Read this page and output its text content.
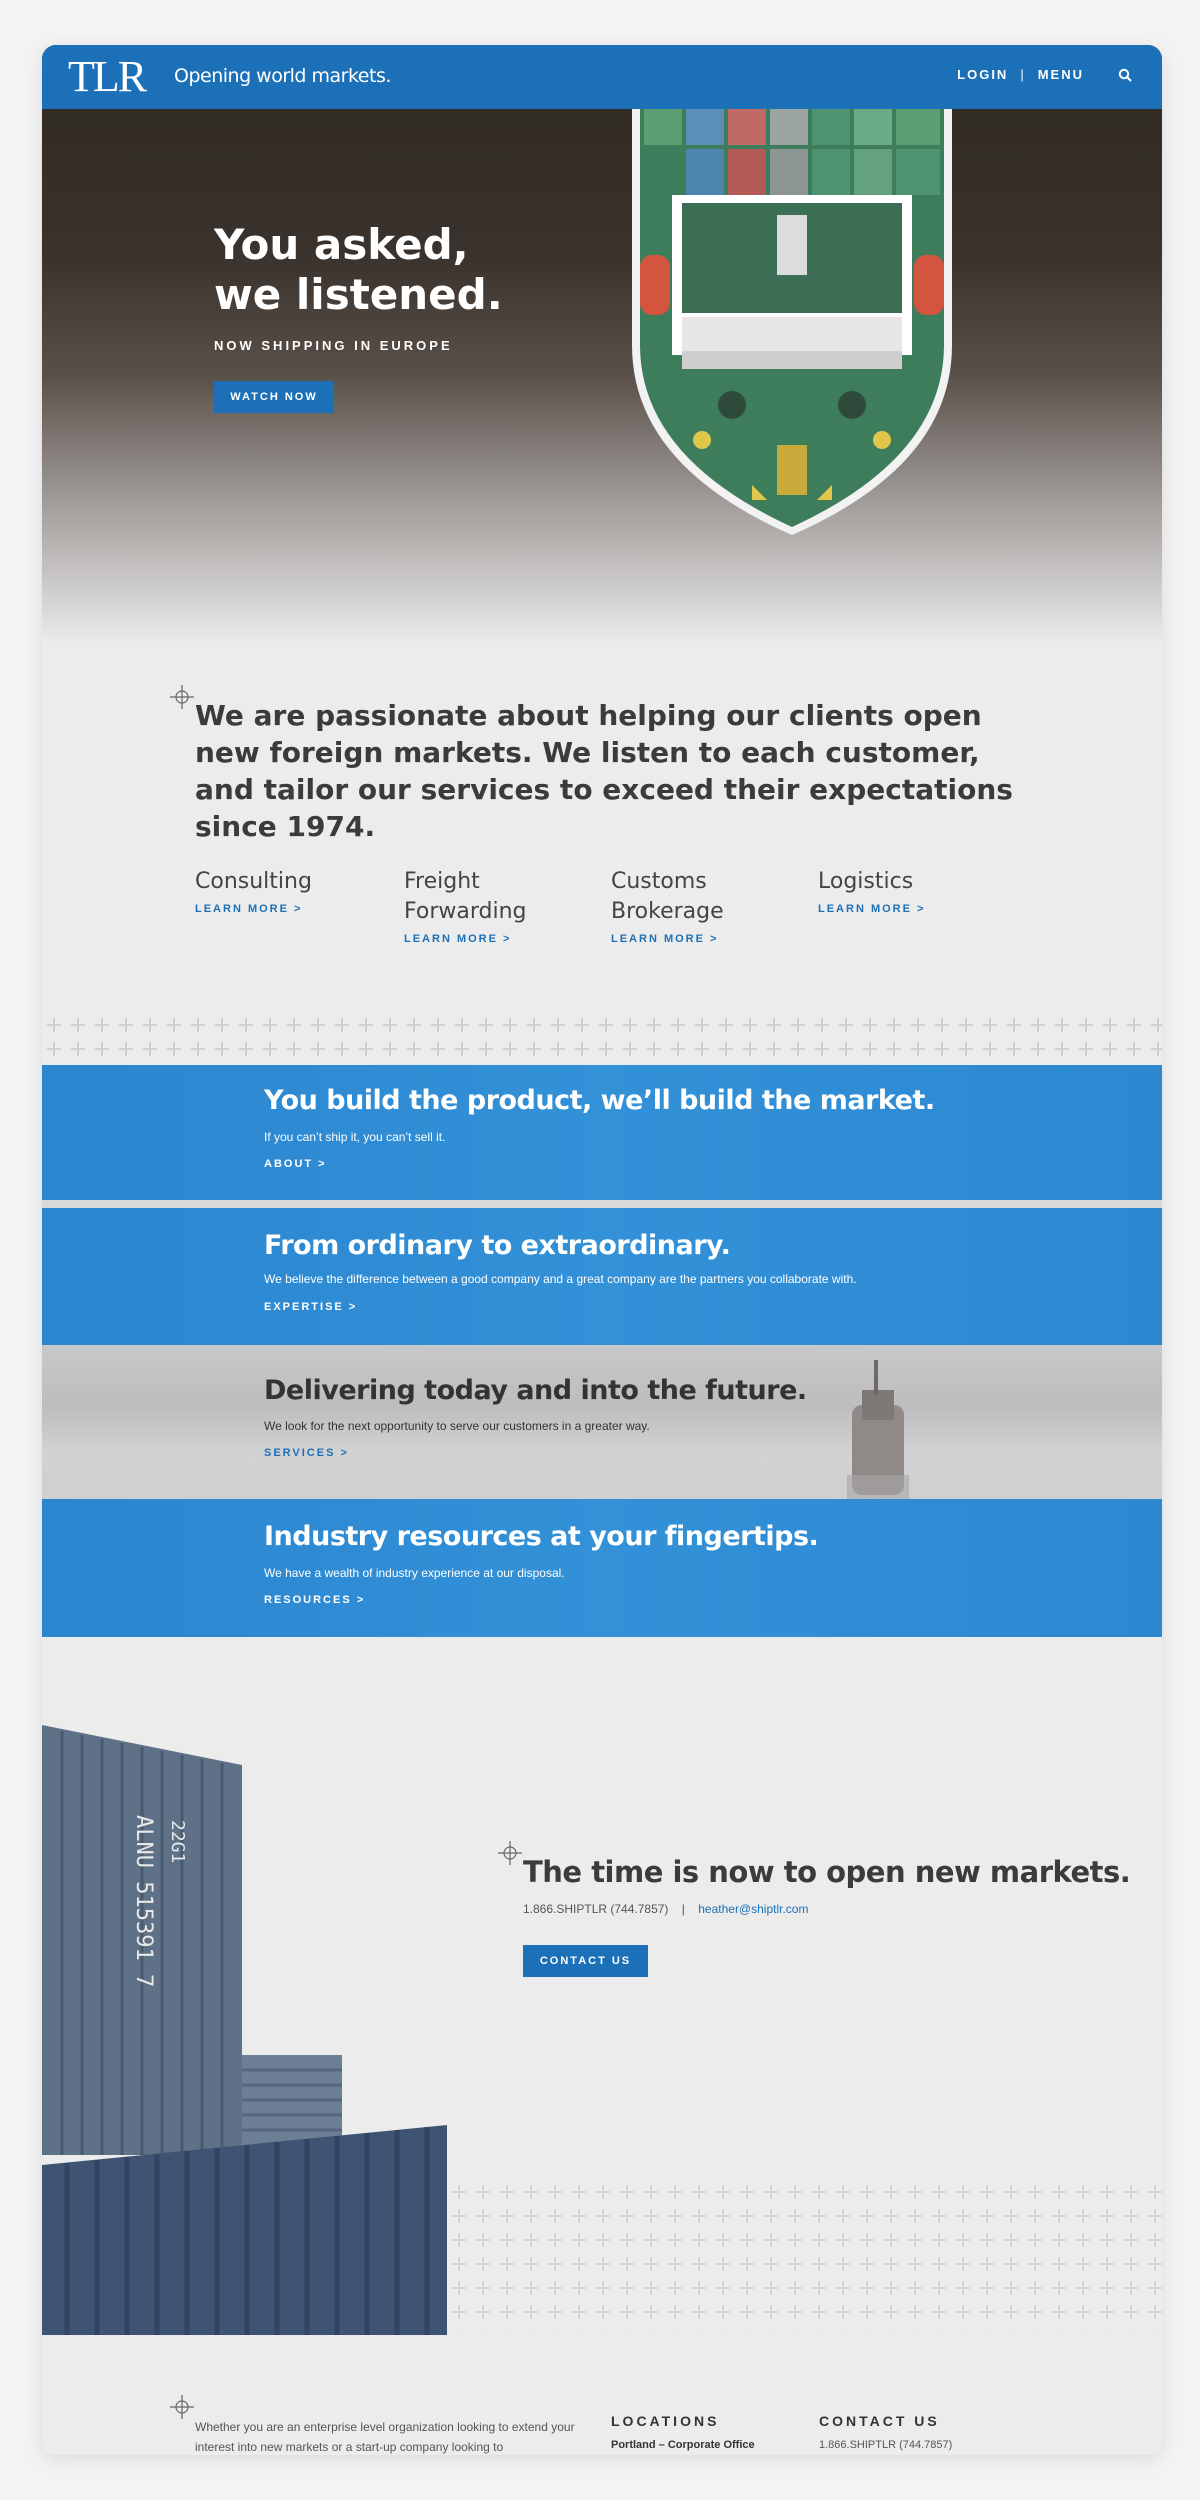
You asked,
we listened.
NOW SHIPPING IN EUROPE
WATCH NOW
TLR Opening world markets.	LOGIN | MENU

We are passionate about helping our clients open new foreign markets. We listen to each customer, and tailor our services to exceed their expectations since 1974.

Consulting
LEARN MORE >
Freight Forwarding
LEARN MORE >
Customs Brokerage
LEARN MORE >
Logistics
LEARN MORE >
You build the product, we’ll build the market.
If you can’t ship it, you can’t sell it.
ABOUT >
From ordinary to extraordinary.
We believe the difference between a good company and a great company are the partners you collaborate with.
EXPERTISE >
Delivering today and into the future.
We look for the next opportunity to serve our customers in a greater way.
SERVICES >
Industry resources at your fingertips.
We have a wealth of industry experience at our disposal.
RESOURCES >
ALNU 515391 7 22G1
The time is now to open new markets.
1.866.SHIPTLR (744.7857) | heather@shiptlr.com
CONTACT US
Whether you are an enterprise level organization looking to extend your interest into new markets or a start-up company looking to
LOCATIONS
Portland – Corporate Office
CONTACT US
1.866.SHIPTLR (744.7857)
